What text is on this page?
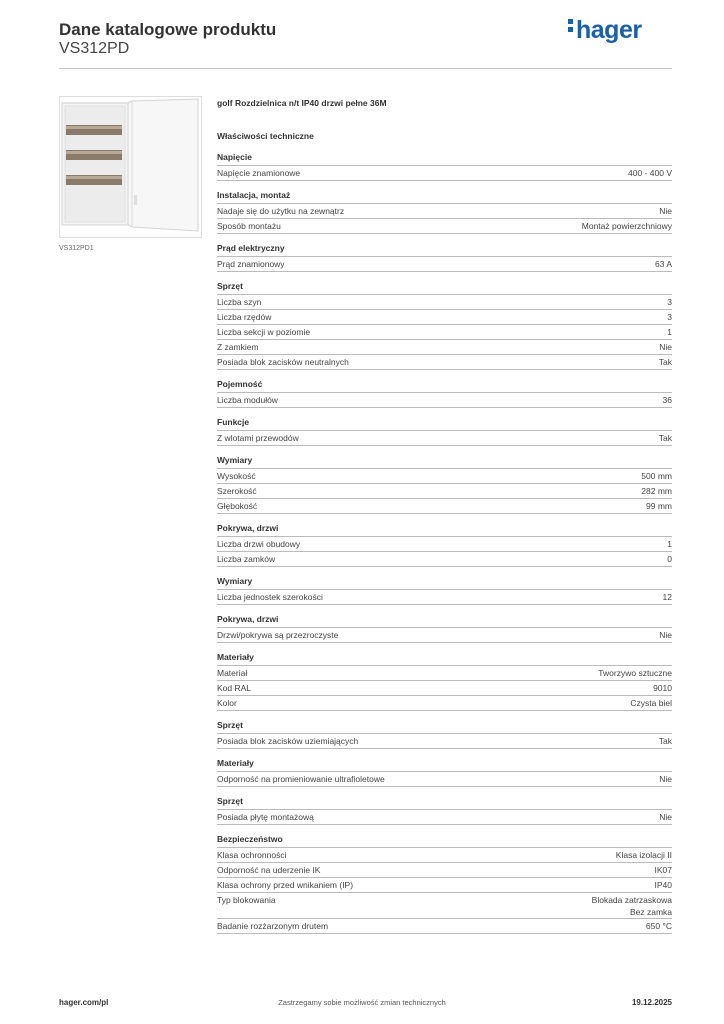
Dane katalogowe produktu
VS312PD
hager
VS312PD1
golf Rozdzielnica n/t IP40 drzwi pełne 36M
Właściwości techniczne
Napięcie
Napięcie znamionowe	400 - 400 V
Instalacja, montaż
Nadaje się do użytku na zewnątrz	Nie
Sposób montażu	Montaż powierzchniowy
Prąd elektryczny
Prąd znamionowy	63 A
Sprzęt
Liczba szyn	3
Liczba rzędów	3
Liczba sekcji w poziomie	1
Z zamkiem	Nie
Posiada blok zacisków neutralnych	Tak
Pojemność
Liczba modułów	36
Funkcje
Z wlotami przewodów	Tak
Wymiary
Wysokość	500 mm
Szerokość	282 mm
Głębokość	99 mm
Pokrywa, drzwi
Liczba drzwi obudowy	1
Liczba zamków	0
Wymiary
Liczba jednostek szerokości	12
Pokrywa, drzwi
Drzwi/pokrywa są przezroczyste	Nie
Materiały
Materiał	Tworzywo sztuczne
Kod RAL	9010
Kolor	Czysta biel
Sprzęt
Posiada blok zacisków uziemiających	Tak
Materiały
Odporność na promieniowanie ultrafioletowe	Nie
Sprzęt
Posiada płytę montażową	Nie
Bezpieczeństwo
Klasa ochronności	Klasa izolacji II
Odporność na uderzenie IK	IK07
Klasa ochrony przed wnikaniem (IP)	IP40
Typ blokowania	Blokada zatrzaskowa
Bez zamka
Badanie rozżarzonym drutem	650 °C
hager.com/pl	Zastrzegamy sobie możliwość zmian technicznych	19.12.2025
